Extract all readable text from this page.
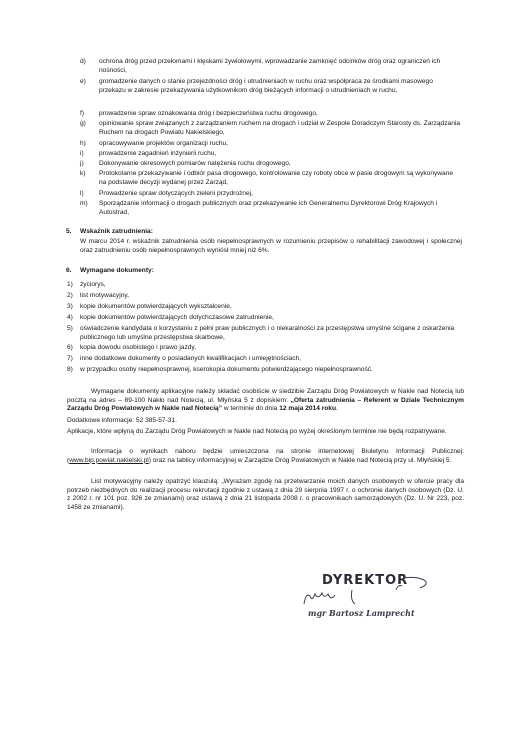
d) ochrona dróg przed przełomami i klęskami żywiołowymi, wprowadzanie zamknięć odcinków dróg oraz ograniczeń ich nośności,
e) gromadzenie danych o stanie przejezdności dróg i utrudnieniach w ruchu oraz współpraca ze środkami masowego przekazu w zakresie przekazywania użytkownikom dróg bieżących informacji o utrudnieniach w ruchu,
f) prowadzenie spraw oznakowania dróg i bezpieczeństwa ruchu drogowego,
g) opiniowanie spraw związanych z zarządzaniem ruchem na drogach i udział w Zespole Doradczym Starosty ds. Zarządzania Ruchem na drogach Powiatu Nakielskiego,
h) opracowywanie projektów organizacji ruchu,
i) prowadzenie zagadnień inżynierii ruchu,
j) Dokonywanie okresowych pomiarów natężenia ruchu drogowego,
k) Protokolarne przekazywanie i odbiór pasa drogowego, kontrolowanie czy roboty obce w pasie drogowym są wykonywane na podstawie decyzji wydanej przez Zarząd,
l) Prowadzenie spraw dotyczących zieleni przydrożnej,
m) Sporządzanie informacji o drogach publicznych oraz przekazywanie ich Generalnemu Dyrektorowi Dróg Krajowych i Autostrad,
5. Wskaźnik zatrudnienia:
W marcu 2014 r. wskaźnik zatrudnienia osób niepełnosprawnych w rozumieniu przepisów o rehabilitacji zawodowej i społecznej oraz zatrudnieniu osób niepełnosprawnych wyniósł mniej niż 6%.
6. Wymagane dokumenty:
1) życiorys,
2) list motywacyjny,
3) kopie dokumentów potwierdzających wykształcenie,
4) kopie dokumentów potwierdzających dotychczasowe zatrudnienie,
5) oświadczenie kandydata o korzystaniu z pełni praw publicznych i o niekaralności za przestępstwa umyślne ścigane z oskarżenia publicznego lub umyślne przestępstwa skarbowe,
6) kopia dowodu osobistego i prawo jazdy,
7) inne dodatkowe dokumenty o posiadanych kwalifikacjach i umiejętnościach,
8) w przypadku osoby niepełnosprawnej, kserokopia dokumentu potwierdzającego niepełnosprawność.
Wymagane dokumenty aplikacyjne należy składać osobiście w siedzibie Zarządu Dróg Powiatowych w Nakle nad Notecią lub pocztą na adres – 89-100 Nakło nad Notecią, ul. Młyńska 5 z dopiskiem: „Oferta zatrudnienia – Referent w Dziale Technicznym Zarządu Dróg Powiatowych w Nakle nad Notecią” w terminie do dnia 12 maja 2014 roku.
Dodatkowe informacje: 52 385-57-31.
Aplikacje, które wpłyną do Zarządu Dróg Powiatowych w Nakle nad Notecią po wyżej określonym terminie nie będą rozpatrywane.
Informacja o wynikach naboru będzie umieszczona na stronie internetowej Biuletynu Informacji Publicznej: (www.bip.powiat.nakielski.pl) oraz na tablicy informacyjnej w Zarządzie Dróg Powiatowych w Nakle nad Notecią przy ul. Młyńskiej 5.
List motywacyjny należy opatrzyć klauzulą: „Wyrażam zgodę na przetwarzanie moich danych osobowych w ofercie pracy dla potrzeb niezbędnych do realizacji procesu rekrutacji zgodnie z ustawą z dnia 29 sierpnia 1997 r. o ochronie danych osobowych (Dz. U. z 2002 r. nr 101 poz. 926 ze zmianami) oraz ustawą z dnia 21 listopada 2008 r. o pracownikach samorządowych (Dz. U. Nr 223, poz. 1458 ze zmianami).
DYREKTOR
mgr Bartosz Lamprecht
